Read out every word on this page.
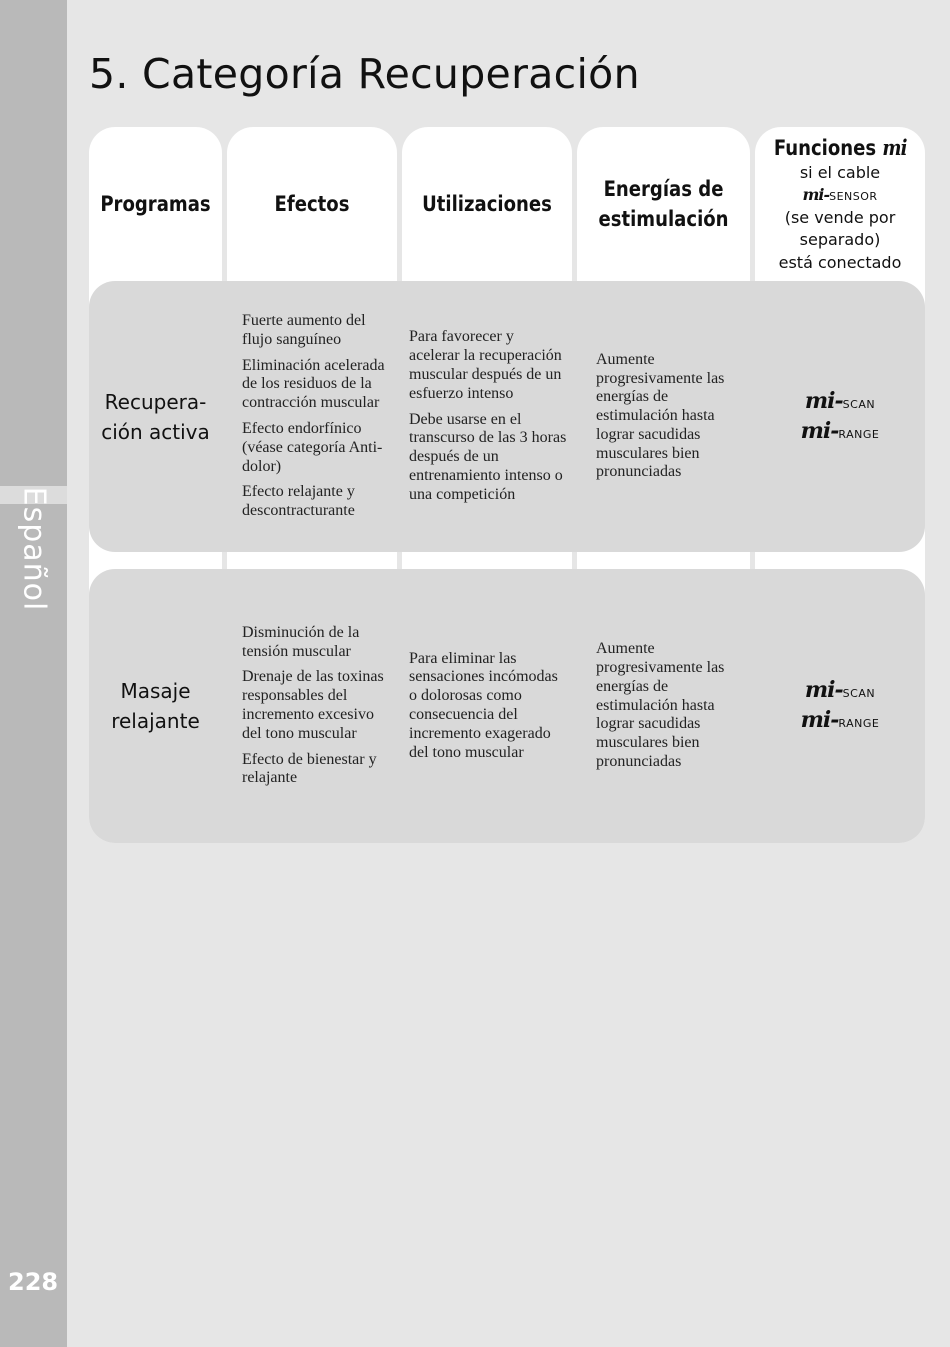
Español
228
5. Categoría Recuperación
Programas	Efectos	Utilizaciones
Energías de estimulación
Funciones mi
si el cable
mi-sensor
(se vende por
separado)
está conectado
Recupera-ción activa

Fuerte aumento del flujo sanguíneo

Eliminación acelerada de los residuos de la contracción muscular

Efecto endorfínico (véase categoría Anti-dolor)

Efecto relajante y descontracturante

Para favorecer y acelerar la recuperación muscular después de un esfuerzo intenso

Debe usarse en el transcurso de las 3 horas después de un entrenamiento intenso o una competición

Aumente progresivamente las energías de estimulación hasta lograr sacudidas musculares bien pronunciadas

mi-scan
mi-range
Masaje relajante

Disminución de la tensión muscular

Drenaje de las toxinas responsables del incremento excesivo del tono muscular

Efecto de bienestar y relajante

Para eliminar las sensaciones incómodas o dolorosas como consecuencia del incremento exagerado del tono muscular

Aumente progresivamente las energías de estimulación hasta lograr sacudidas musculares bien pronunciadas

mi-scan
mi-range
